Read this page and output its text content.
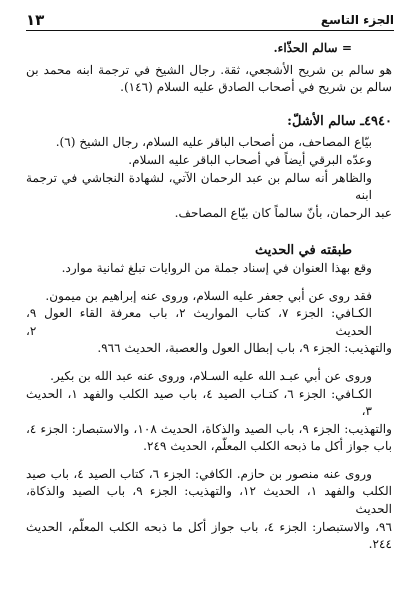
١٣	الجزء التاسع

= سالم الحذّاء.

هو سالم بن شريح الأشجعي، ثقة. رجال الشيخ في ترجمة ابنه محمد بن

سالم بن شريح في أصحاب الصادق عليه السلام (١٤٦).

٤٩٤٠ـ سالم الأشلّ:

بيّاع المصاحف، من أصحاب الباقر عليه السلام، رجال الشيخ (٦).

وعدّه البرقي أيضاً في أصحاب الباقر عليه السلام.

والظاهر أنه سالم بن عبد الرحمان الآتي، لشهادة النجاشي في ترجمة ابنه

عبد الرحمان، بأنّ سالماً كان بيّاع المصاحف.

طبقته في الحديث

وقع بهذا العنوان في إسناد جملة من الروايات تبلغ ثمانية موارد.

فقد روى عن أبي جعفر عليه السلام، وروى عنه إبراهيم بن ميمون.

الكـافي: الجزء ٧، كتاب المواريث ٢، باب معرفة القاء العول ٩، الحديث ٢،

والتهذيب: الجزء ٩، باب إبطال العول والعصبة، الحديث ٩٦٦.

وروى عن أبي عبـد الله عليه السـلام، وروى عنه عبد الله بن بكير.

الكـافي: الجزء ٦، كتـاب الصيد ٤، باب صيد الكلب والفهد ١، الحديث ٣،

والتهذيب: الجزء ٩، باب الصيد والذكاة، الحديث ١٠٨، والاستبصار: الجزء ٤،

باب جواز أكل ما ذبحه الكلب المعلّم، الحديث ٢٤٩.

وروى عنه منصور بن حازم. الكافي: الجزء ٦، كتاب الصيد ٤، باب صيد

الكلب والفهد ١، الحديث ١٢، والتهذيب: الجزء ٩، باب الصيد والذكاة، الحديث

٩٦، والاستبصار: الجزء ٤، باب جواز أكل ما ذبحه الكلب المعلّم، الحديث ٢٤٤.
